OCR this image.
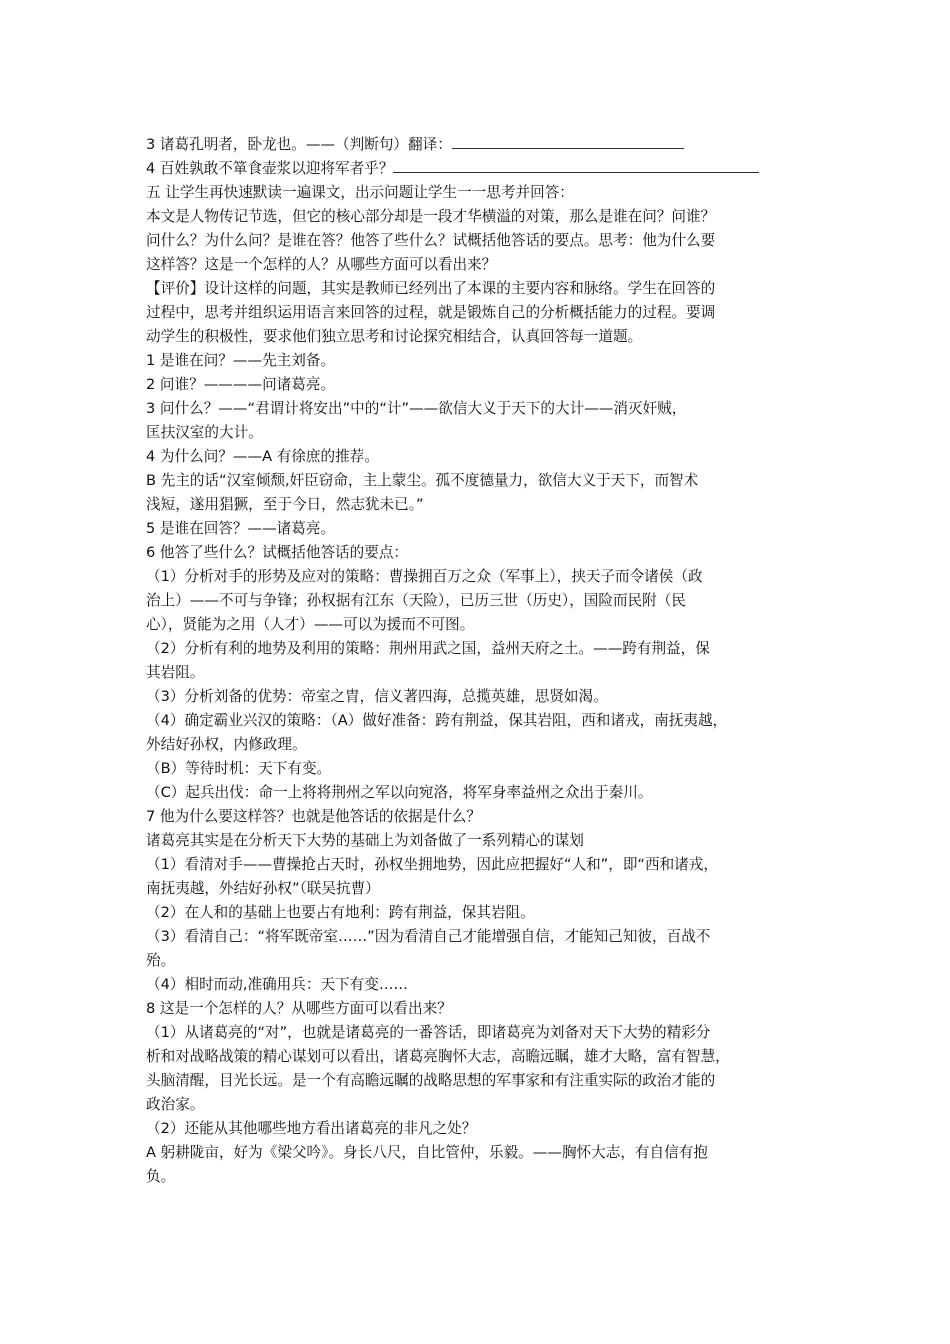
3 诸葛孔明者，卧龙也。——（判断句）翻译：
4 百姓孰敢不箪食壶浆以迎将军者乎？
五 让学生再快速默读一遍课文，出示问题让学生一一思考并回答：
本文是人物传记节选，但它的核心部分却是一段才华横溢的对策，那么是谁在问？问谁？
问什么？为什么问？是谁在答？他答了些什么？试概括他答话的要点。思考：他为什么要
这样答？这是一个怎样的人？从哪些方面可以看出来？
【评价】设计这样的问题，其实是教师已经列出了本课的主要内容和脉络。学生在回答的
过程中，思考并组织运用语言来回答的过程，就是锻炼自己的分析概括能力的过程。要调
动学生的积极性，要求他们独立思考和讨论探究相结合，认真回答每一道题。
1 是谁在问？——先主刘备。
2 问谁？————问诸葛亮。
3 问什么？——“君谓计将安出”中的“计”——欲信大义于天下的大计——消灭奸贼，
匡扶汉室的大计。
4 为什么问？——A 有徐庶的推荐。
B 先主的话“汉室倾颓,奸臣窃命，主上蒙尘。孤不度德量力，欲信大义于天下，而智术
浅短，遂用猖獗，至于今日，然志犹未已。”
5 是谁在回答？——诸葛亮。
6 他答了些什么？试概括他答话的要点：
（1）分析对手的形势及应对的策略：曹操拥百万之众（军事上），挟天子而令诸侯（政
治上）——不可与争锋；孙权据有江东（天险），已历三世（历史），国险而民附（民
心），贤能为之用（人才）——可以为援而不可图。
（2）分析有利的地势及利用的策略：荆州用武之国，益州天府之土。——跨有荆益，保
其岩阻。
（3）分析刘备的优势：帝室之胄，信义著四海，总揽英雄，思贤如渴。
（4）确定霸业兴汉的策略：（A）做好准备：跨有荆益，保其岩阻，西和诸戎，南抚夷越，
外结好孙权，内修政理。
（B）等待时机：天下有变。
（C）起兵出伐：命一上将将荆州之军以向宛洛，将军身率益州之众出于秦川。
7 他为什么要这样答？也就是他答话的依据是什么？
诸葛亮其实是在分析天下大势的基础上为刘备做了一系列精心的谋划
（1）看清对手——曹操抢占天时，孙权坐拥地势，因此应把握好“人和”，即“西和诸戎，
南抚夷越，外结好孙权”（联吴抗曹）
（2）在人和的基础上也要占有地利：跨有荆益，保其岩阻。
（3）看清自己：“将军既帝室……”因为看清自己才能增强自信，才能知己知彼，百战不
殆。
（4）相时而动,准确用兵：天下有变……
8 这是一个怎样的人？从哪些方面可以看出来？
（1）从诸葛亮的“对”，也就是诸葛亮的一番答话，即诸葛亮为刘备对天下大势的精彩分
析和对战略战策的精心谋划可以看出，诸葛亮胸怀大志，高瞻远瞩，雄才大略，富有智慧，
头脑清醒，目光长远。是一个有高瞻远瞩的战略思想的军事家和有注重实际的政治才能的
政治家。
（2）还能从其他哪些地方看出诸葛亮的非凡之处？
A 躬耕陇亩，好为《梁父吟》。身长八尺，自比管仲，乐毅。——胸怀大志，有自信有抱
负。
